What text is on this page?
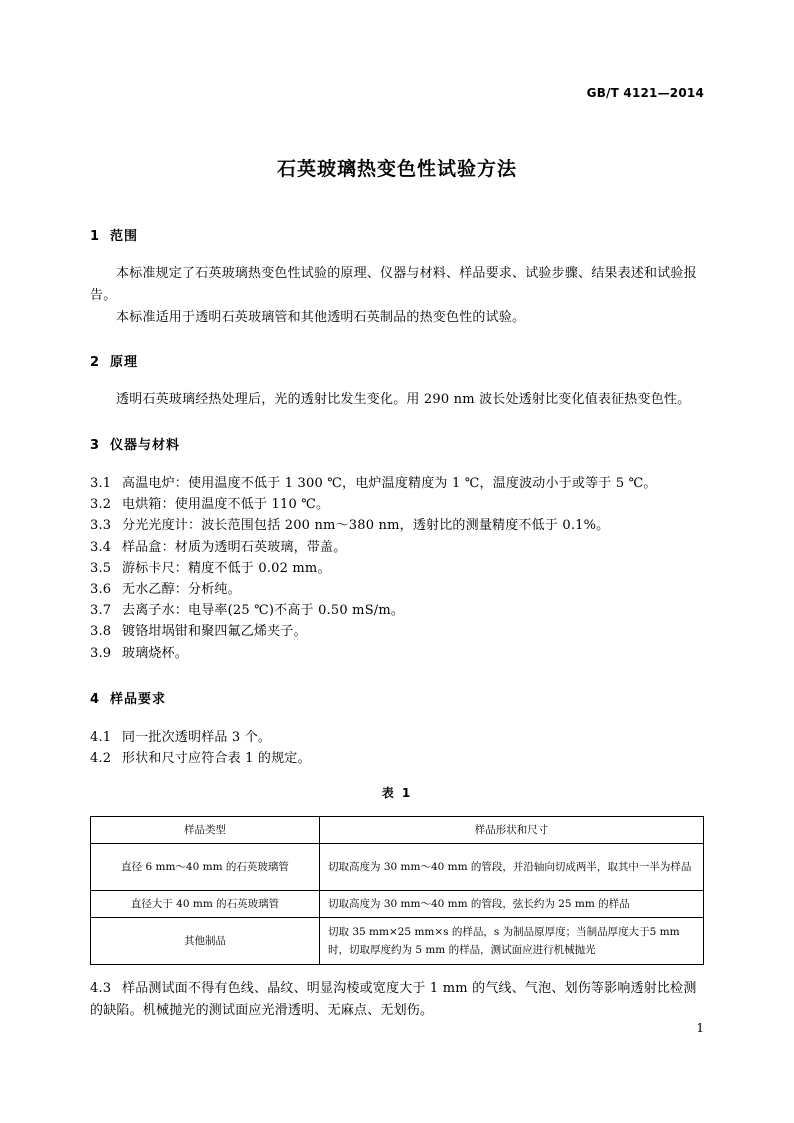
GB/T 4121—2014
石英玻璃热变色性试验方法
1 范围
本标准规定了石英玻璃热变色性试验的原理、仪器与材料、样品要求、试验步骤、结果表述和试验报告。
本标准适用于透明石英玻璃管和其他透明石英制品的热变色性的试验。
2 原理
透明石英玻璃经热处理后，光的透射比发生变化。用 290 nm 波长处透射比变化值表征热变色性。
3 仪器与材料
3.1 高温电炉：使用温度不低于 1 300 ℃，电炉温度精度为 1 ℃，温度波动小于或等于 5 ℃。
3.2 电烘箱：使用温度不低于 110 ℃。
3.3 分光光度计：波长范围包括 200 nm～380 nm，透射比的测量精度不低于 0.1%。
3.4 样品盒：材质为透明石英玻璃，带盖。
3.5 游标卡尺：精度不低于 0.02 mm。
3.6 无水乙醇：分析纯。
3.7 去离子水：电导率(25 ℃)不高于 0.50 mS/m。
3.8 镀铬坩埚钳和聚四氟乙烯夹子。
3.9 玻璃烧杯。
4 样品要求
4.1 同一批次透明样品 3 个。
4.2 形状和尺寸应符合表 1 的规定。
表 1
样品类型	样品形状和尺寸
直径 6 mm～40 mm 的石英玻璃管	切取高度为 30 mm～40 mm 的管段，并沿轴向切成两半，取其中一半为样品
直径大于 40 mm 的石英玻璃管	切取高度为 30 mm～40 mm 的管段，弦长约为 25 mm 的样品
其他制品	切取 35 mm×25 mm×s 的样品，s 为制品原厚度；当制品厚度大于5 mm时，切取厚度约为 5 mm 的样品，测试面应进行机械抛光
4.3 样品测试面不得有色线、晶纹、明显沟棱或宽度大于 1 mm 的气线、气泡、划伤等影响透射比检测的缺陷。机械抛光的测试面应光滑透明、无麻点、无划伤。
1
